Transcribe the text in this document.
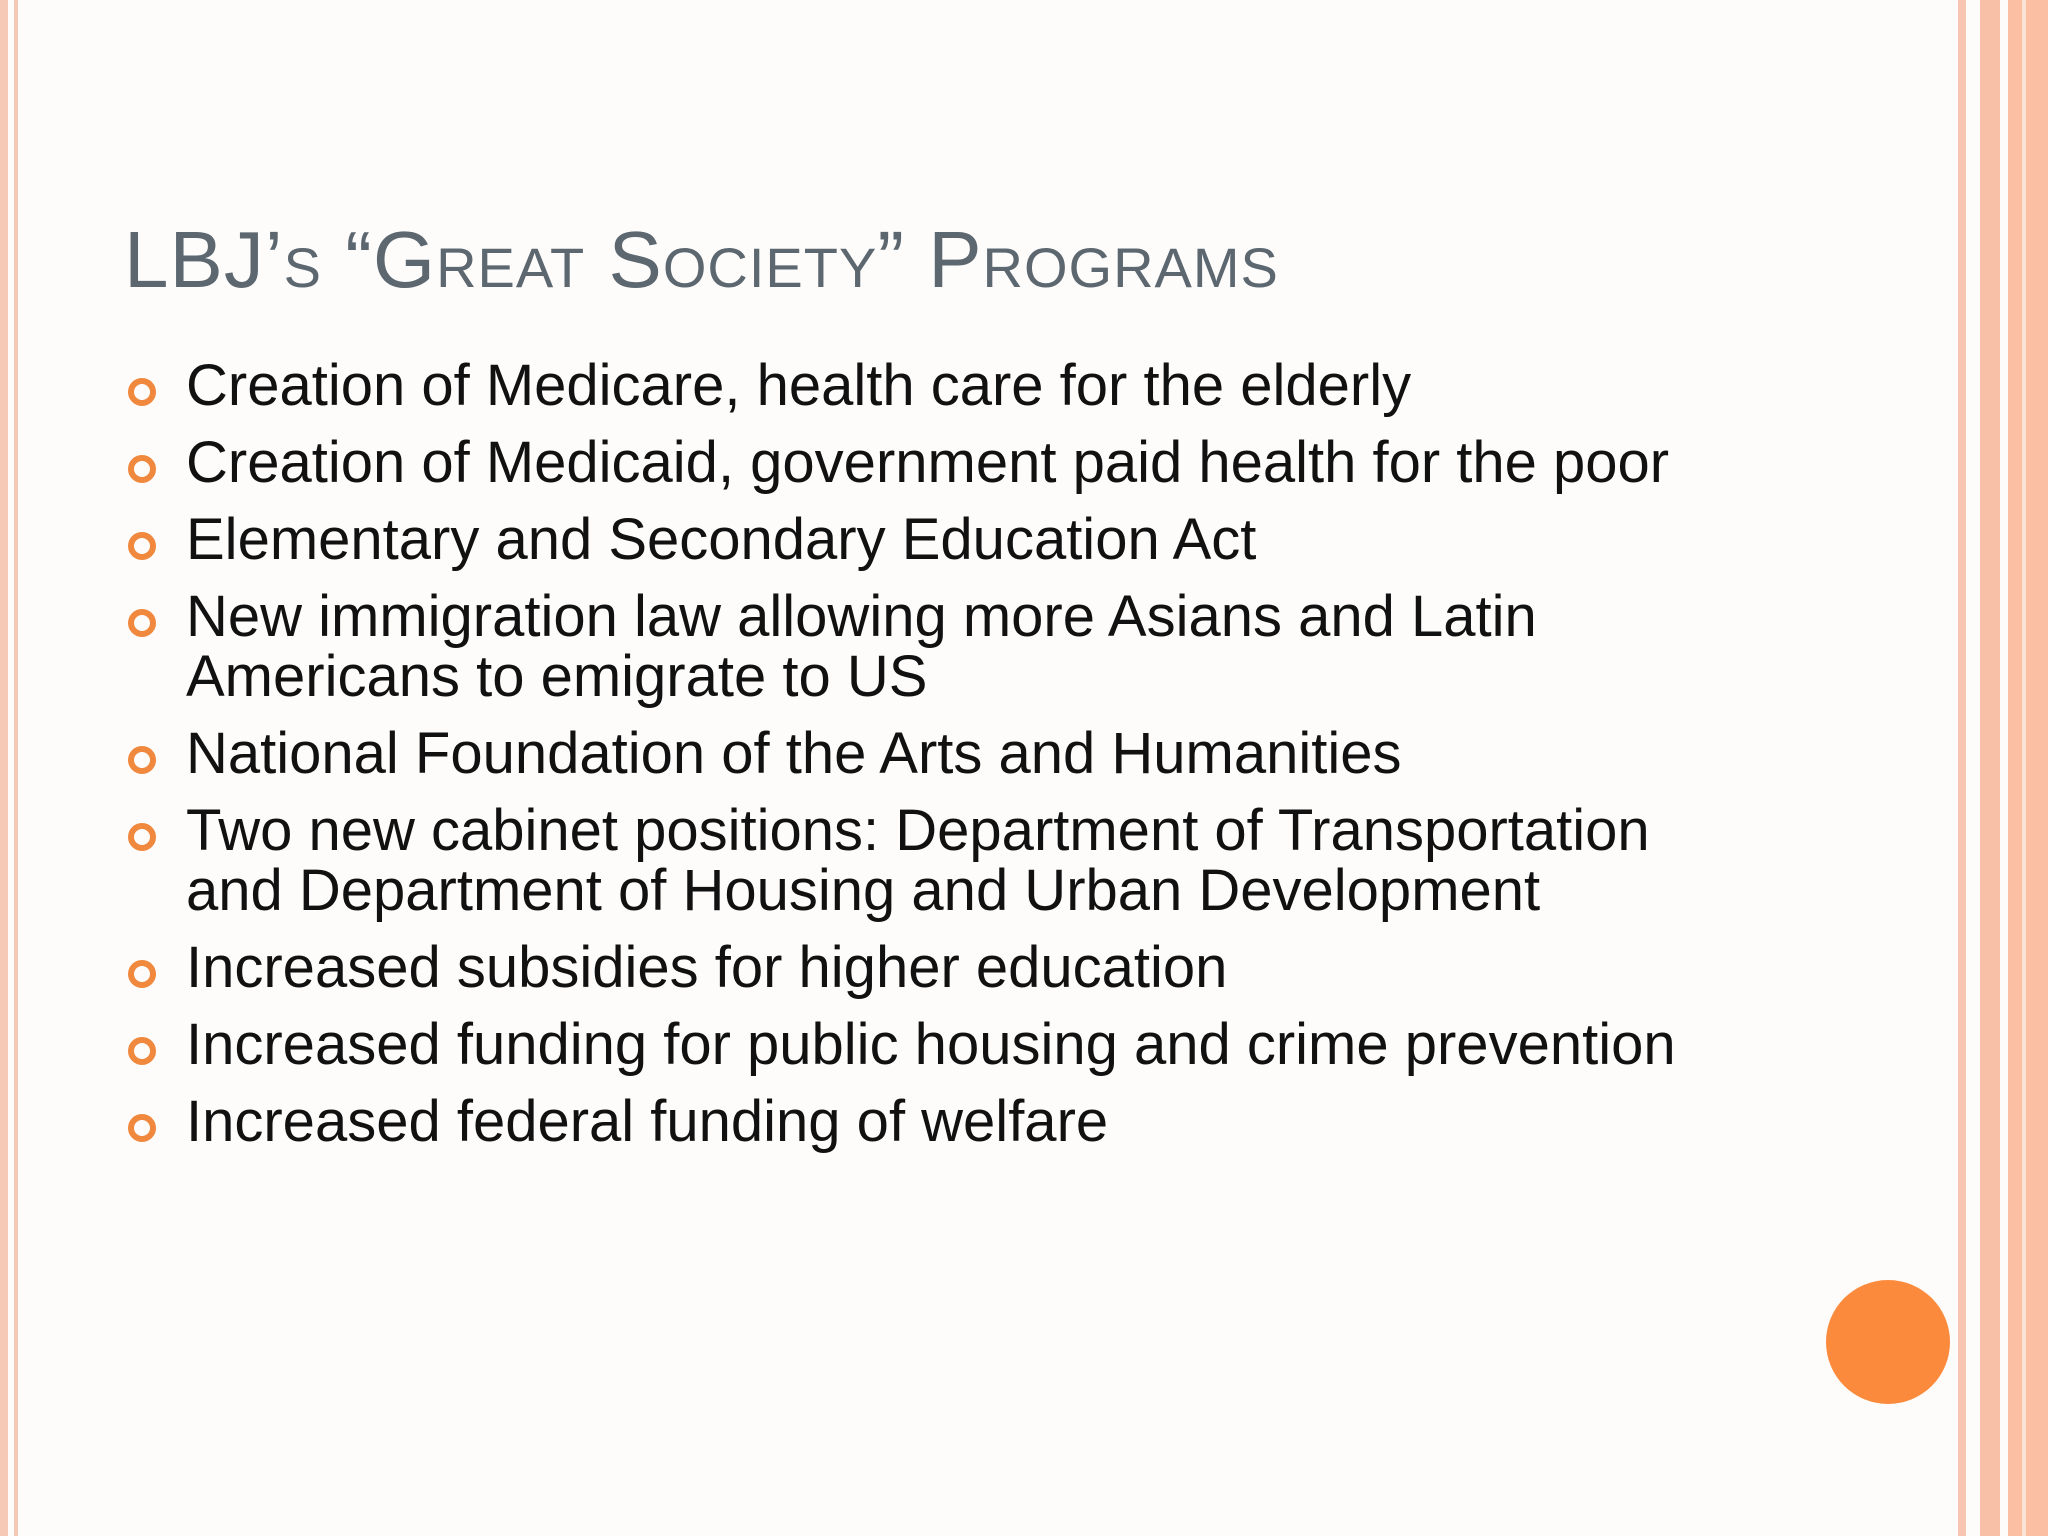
LBJ’s “Great Society” Programs
Creation of Medicare, health care for the elderly
Creation of Medicaid, government paid health for the poor
Elementary and Secondary Education Act
New immigration law allowing more Asians and Latin Americans to emigrate to US
National Foundation of the Arts and Humanities
Two new cabinet positions: Department of Transportation and Department of Housing and Urban Development
Increased subsidies for higher education
Increased funding for public housing and crime prevention
Increased federal funding of welfare
